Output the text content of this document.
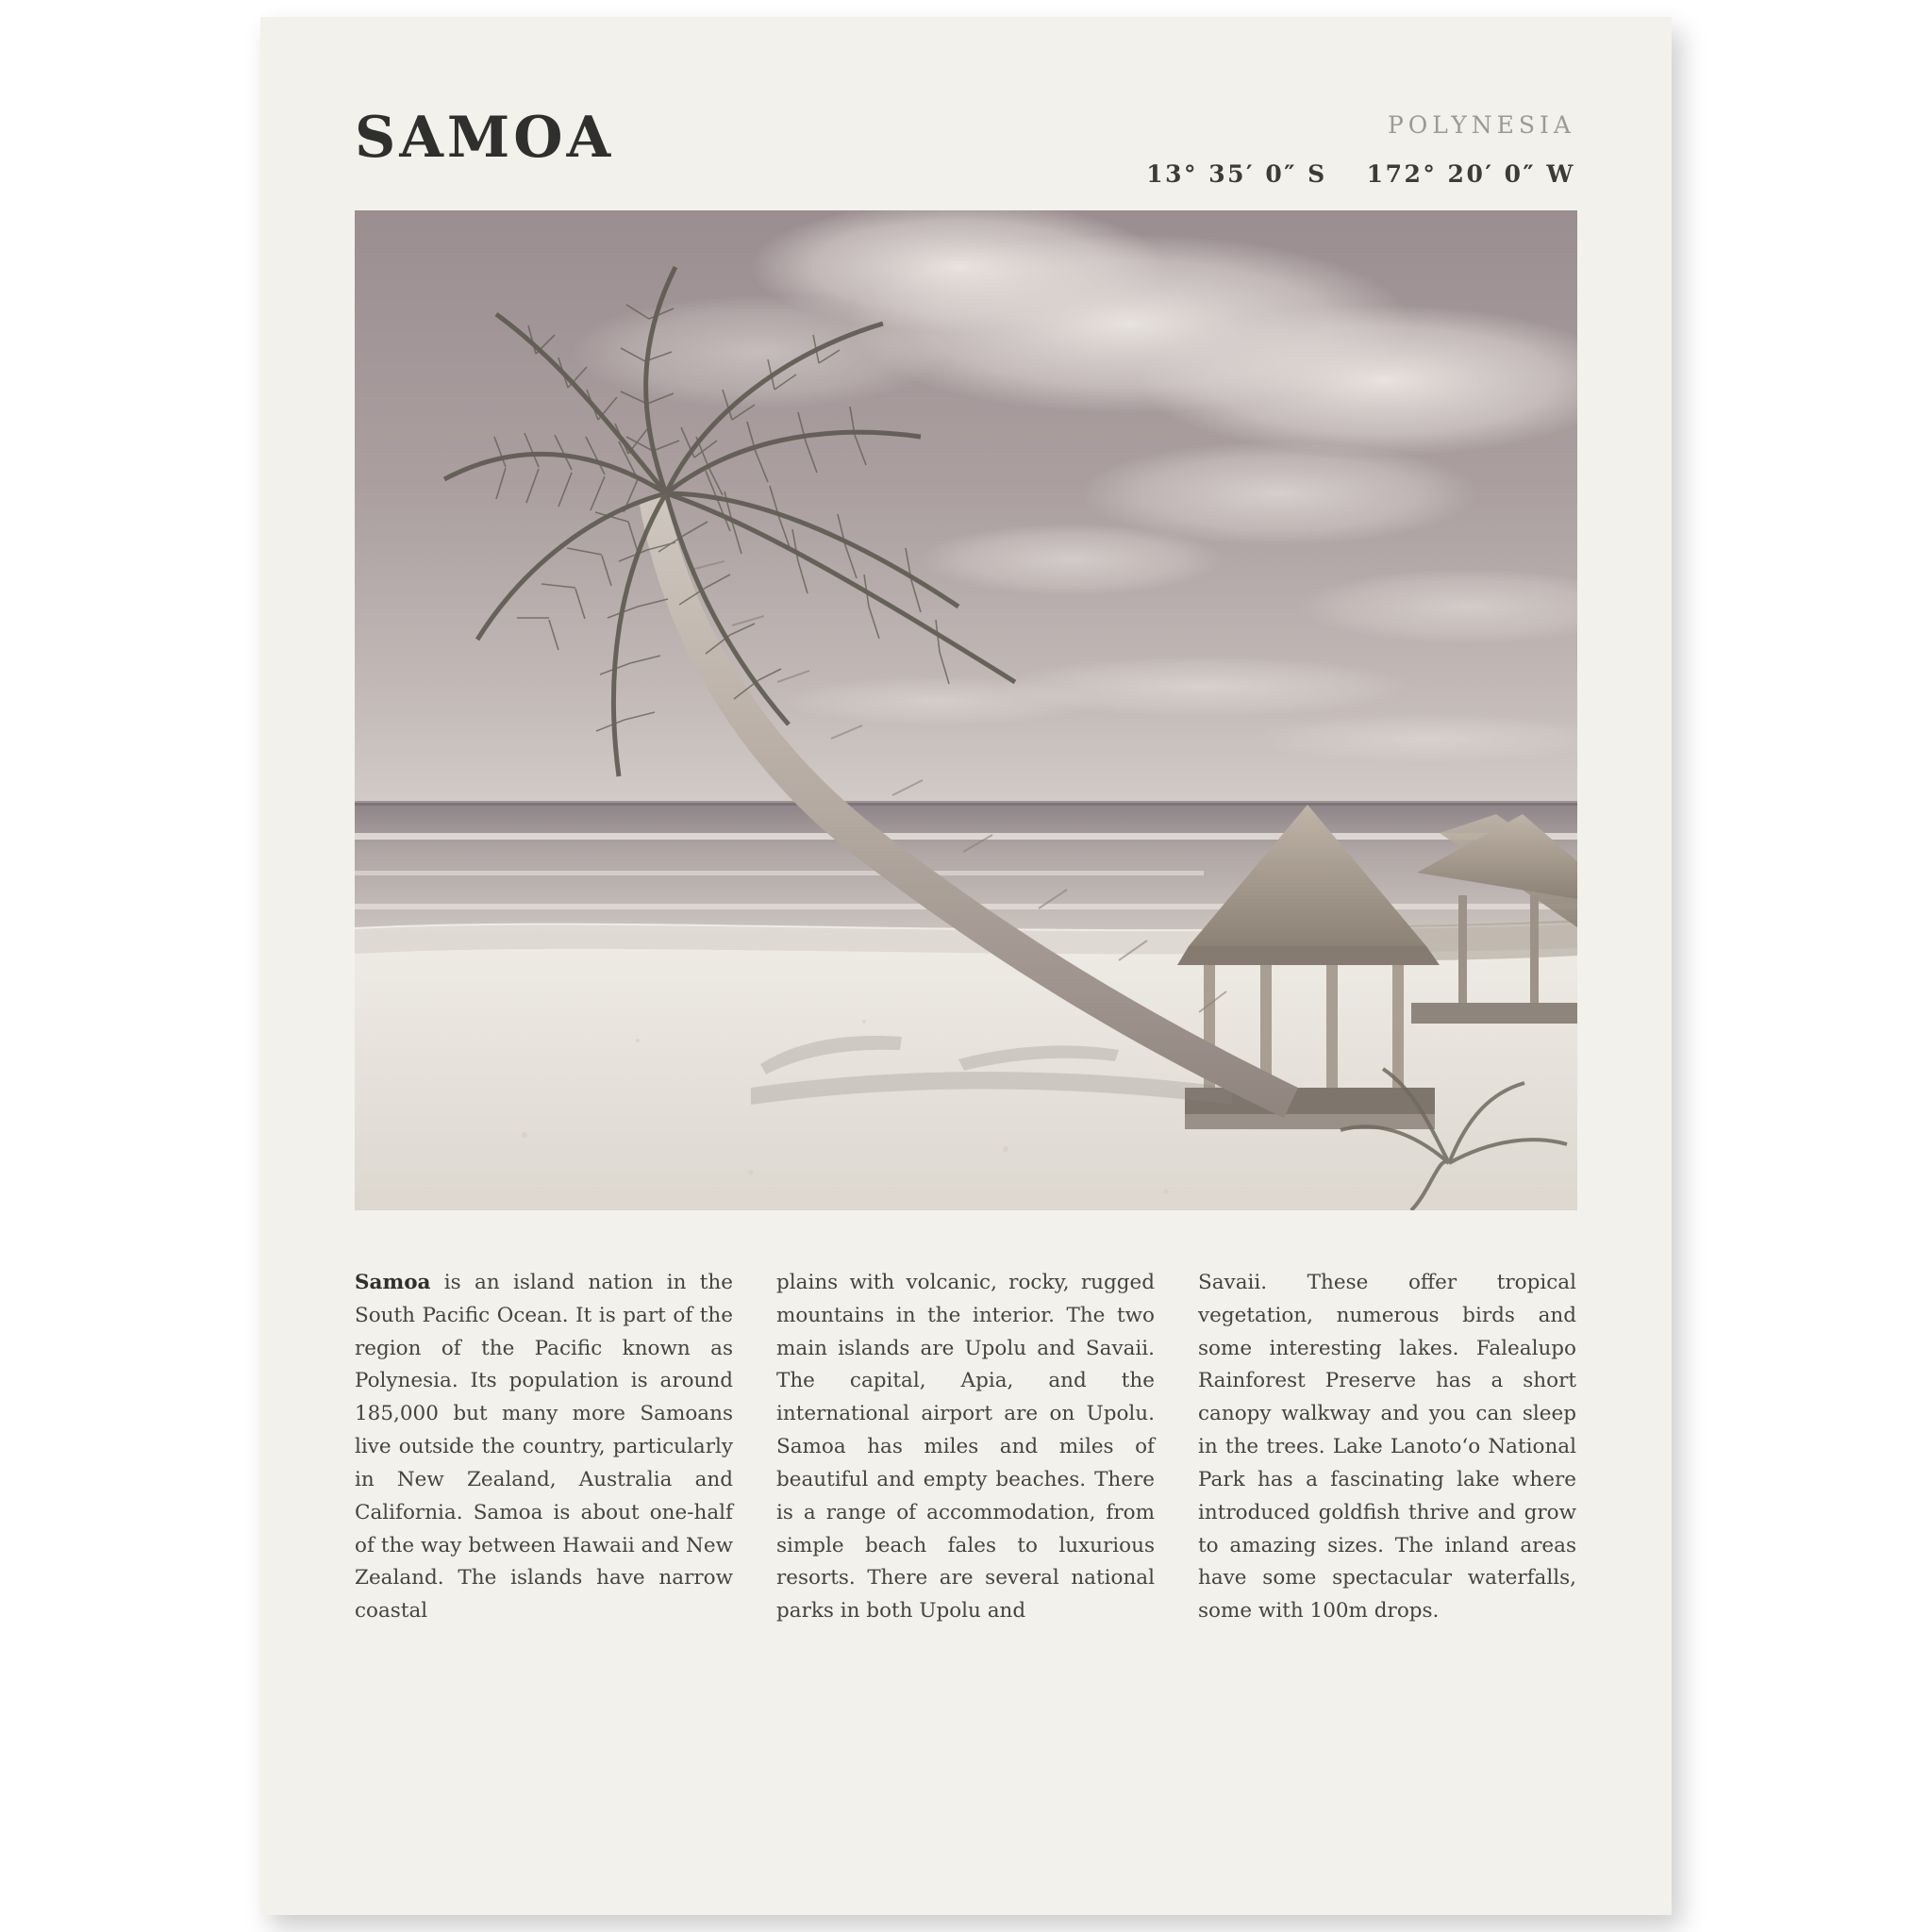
SAMOA	POLYNESIA
13° 35′ 0″ S 172° 20′ 0″ W
Samoa is an island nation in the South Pacific Ocean. It is part of the region of the Pacific known as Polynesia. Its population is around 185,000 but many more Samoans live outside the country, particularly in New Zealand, Australia and California. Samoa is about one-half of the way between Hawaii and New Zealand. The islands have narrow coastal
plains with volcanic, rocky, rugged mountains in the interior. The two main islands are Upolu and Savaii. The capital, Apia, and the international airport are on Upolu. Samoa has miles and miles of beautiful and empty beaches. There is a range of accommodation, from simple beach fales to luxurious resorts. There are several national parks in both Upolu and
Savaii. These offer tropical vegetation, numerous birds and some interesting lakes. Falealupo Rainforest Preserve has a short canopy walkway and you can sleep in the trees. Lake Lanoto‘o National Park has a fascinating lake where introduced goldfish thrive and grow to amazing sizes. The inland areas have some spectacular waterfalls, some with 100m drops.
